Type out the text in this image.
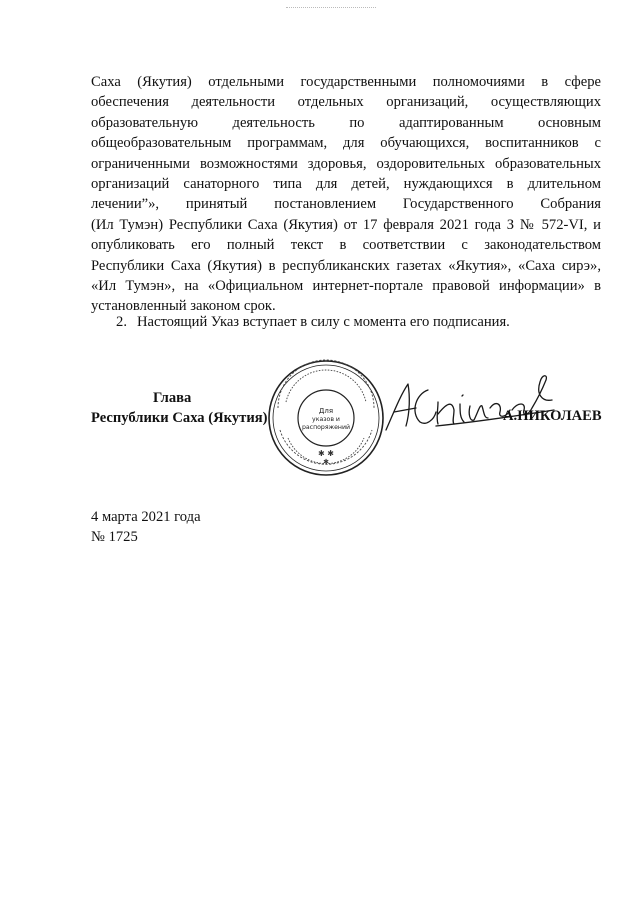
Саха (Якутия) отдельными государственными полномочиями в сфере

обеспечения деятельности отдельных организаций, осуществляющих

образовательную деятельность по адаптированным основным

общеобразовательным программам, для обучающихся, воспитанников с

ограниченными возможностями здоровья, оздоровительных образовательных

организаций санаторного типа для детей, нуждающихся в длительном

лечении”», принятый постановлением Государственного Собрания

(Ил Тумэн) Республики Саха (Якутия) от 17 февраля 2021 года З № 572-VI, и

опубликовать его полный текст в соответствии с законодательством

Республики Саха (Якутия) в республиканских газетах «Якутия», «Саха сирэ»,

«Ил Тумэн», на «Официальном интернет-портале правовой информации» в

установленный законом срок.

2. Настоящий Указ вступает в силу с момента его подписания.
Глава
Республики Саха (Якутия)
✱ ✱
✱
Для
указов и
распоряжений
А.НИКОЛАЕВ
4 марта 2021 года
№ 1725
